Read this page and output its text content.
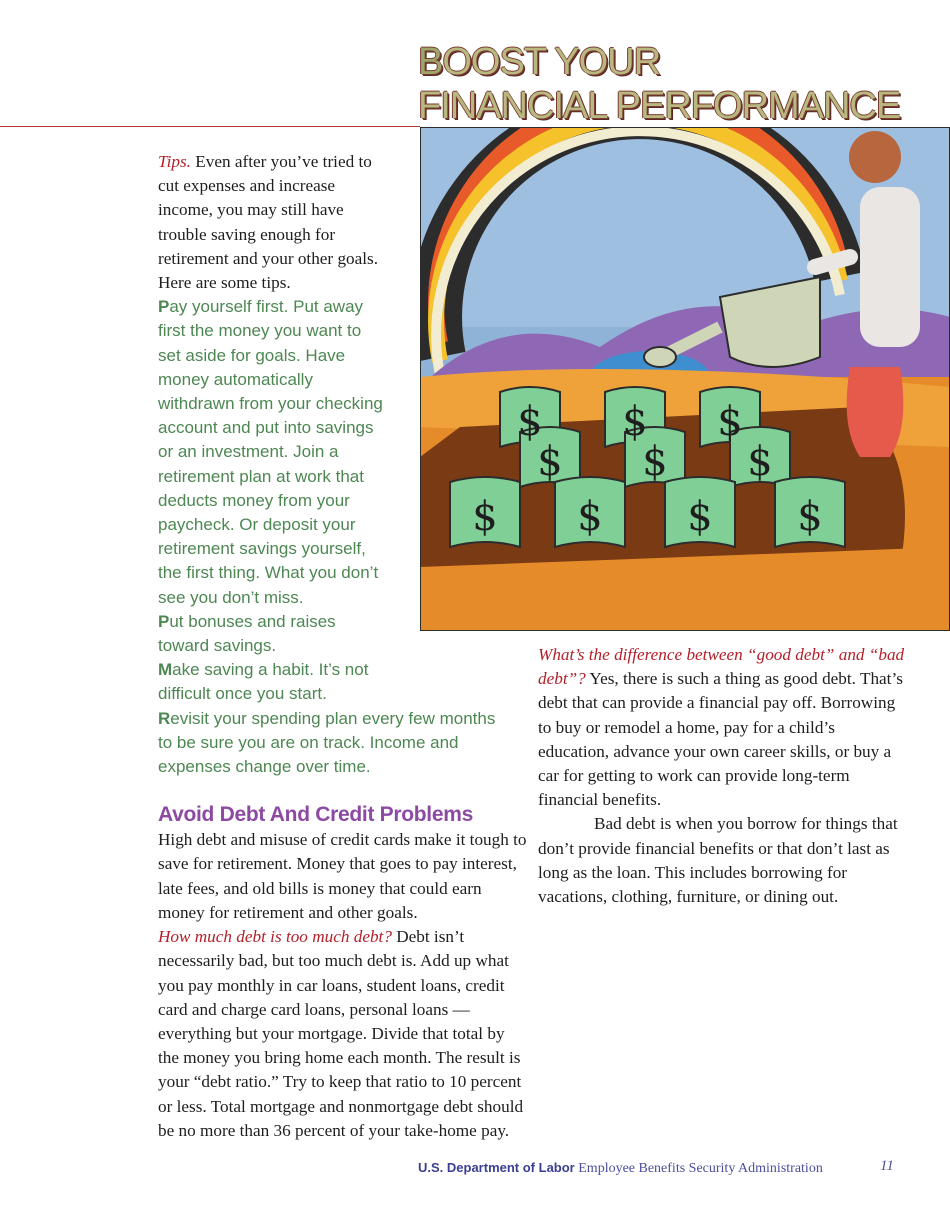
BOOST YOUR
FINANCIAL PERFORMANCE
$ $ $
$ $ $
$ $ $ $

Tips. Even after you’ve tried to cut expenses and increase income, you may still have trouble saving enough for retirement and your other goals. Here are some tips.

Pay yourself first. Put away first the money you want to set aside for goals. Have money automatically withdrawn from your checking account and put into savings or an investment. Join a retirement plan at work that deducts money from your paycheck. Or deposit your retirement savings yourself, the first thing. What you don’t see you don’t miss.

Put bonuses and raises toward savings.

Make saving a habit. It’s not difficult once you start.

Revisit your spending plan every few months to be sure you are on track. Income and expenses change over time.

Avoid Debt And Credit Problems

High debt and misuse of credit cards make it tough to save for retirement. Money that goes to pay interest, late fees, and old bills is money that could earn money for retirement and other goals.

How much debt is too much debt? Debt isn’t necessarily bad, but too much debt is. Add up what you pay monthly in car loans, student loans, credit card and charge card loans, personal loans — everything but your mortgage. Divide that total by the money you bring home each month. The result is your “debt ratio.” Try to keep that ratio to 10 percent or less. Total mortgage and nonmortgage debt should be no more than 36 percent of your take-home pay.

What’s the difference between “good debt” and “bad debt”? Yes, there is such a thing as good debt. That’s debt that can provide a financial pay off. Borrowing to buy or remodel a home, pay for a child’s education, advance your own career skills, or buy a car for getting to work can provide long-term financial benefits.

Bad debt is when you borrow for things that don’t provide financial benefits or that don’t last as long as the loan. This includes borrowing for vacations, clothing, furniture, or dining out.

U.S. Department of Labor Employee Benefits Security Administration	11
